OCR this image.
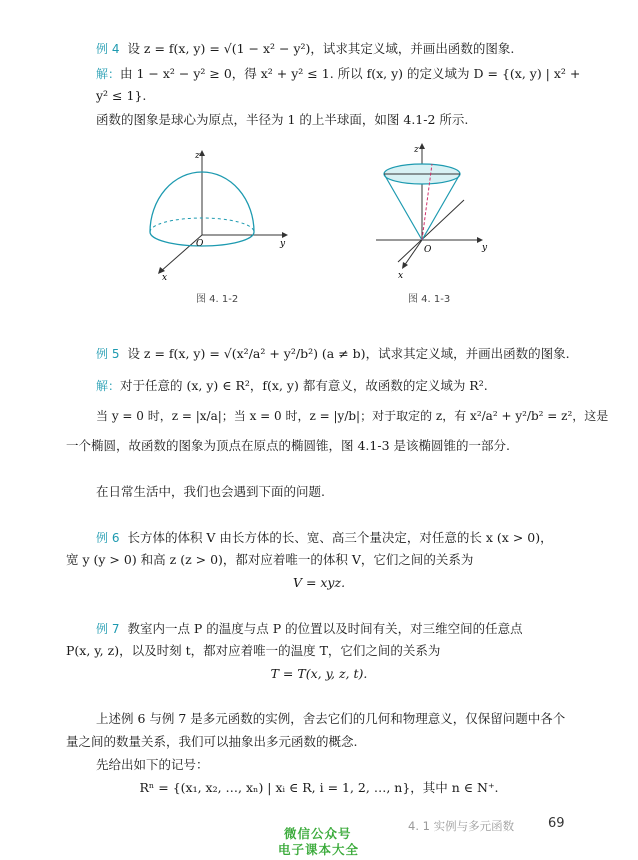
例 4 设 z = f(x, y) = √(1 − x² − y²)，试求其定义域，并画出函数的图象.
解：由 1 − x² − y² ≥ 0，得 x² + y² ≤ 1. 所以 f(x, y) 的定义域为 D = {(x, y) | x² +
y² ≤ 1}.
函数的图象是球心为原点，半径为 1 的上半球面，如图 4.1-2 所示.
z
y
x
O
图 4. 1-2
z
y
x
O
图 4. 1-3
例 5 设 z = f(x, y) = √(x²/a² + y²/b²) (a ≠ b)，试求其定义域，并画出函数的图象.
解：对于任意的 (x, y) ∈ R²，f(x, y) 都有意义，故函数的定义域为 R².
当 y = 0 时，z = |x/a|；当 x = 0 时，z = |y/b|；对于取定的 z，有 x²/a² + y²/b² = z²，这是
一个椭圆，故函数的图象为顶点在原点的椭圆锥，图 4.1-3 是该椭圆锥的一部分.
在日常生活中，我们也会遇到下面的问题.
例 6 长方体的体积 V 由长方体的长、宽、高三个量决定，对任意的长 x (x > 0)，
宽 y (y > 0) 和高 z (z > 0)，都对应着唯一的体积 V，它们之间的关系为
V = xyz.
例 7 教室内一点 P 的温度与点 P 的位置以及时间有关，对三维空间的任意点
P(x, y, z)，以及时刻 t，都对应着唯一的温度 T，它们之间的关系为
T = T(x, y, z, t).
上述例 6 与例 7 是多元函数的实例，舍去它们的几何和物理意义，仅保留问题中各个
量之间的数量关系，我们可以抽象出多元函数的概念.
先给出如下的记号：
Rⁿ = {(x₁, x₂, …, xₙ) | xᵢ ∈ R, i = 1, 2, …, n}，其中 n ∈ N⁺.
4. 1 实例与多元函数	69
微信公众号
电子课本大全
